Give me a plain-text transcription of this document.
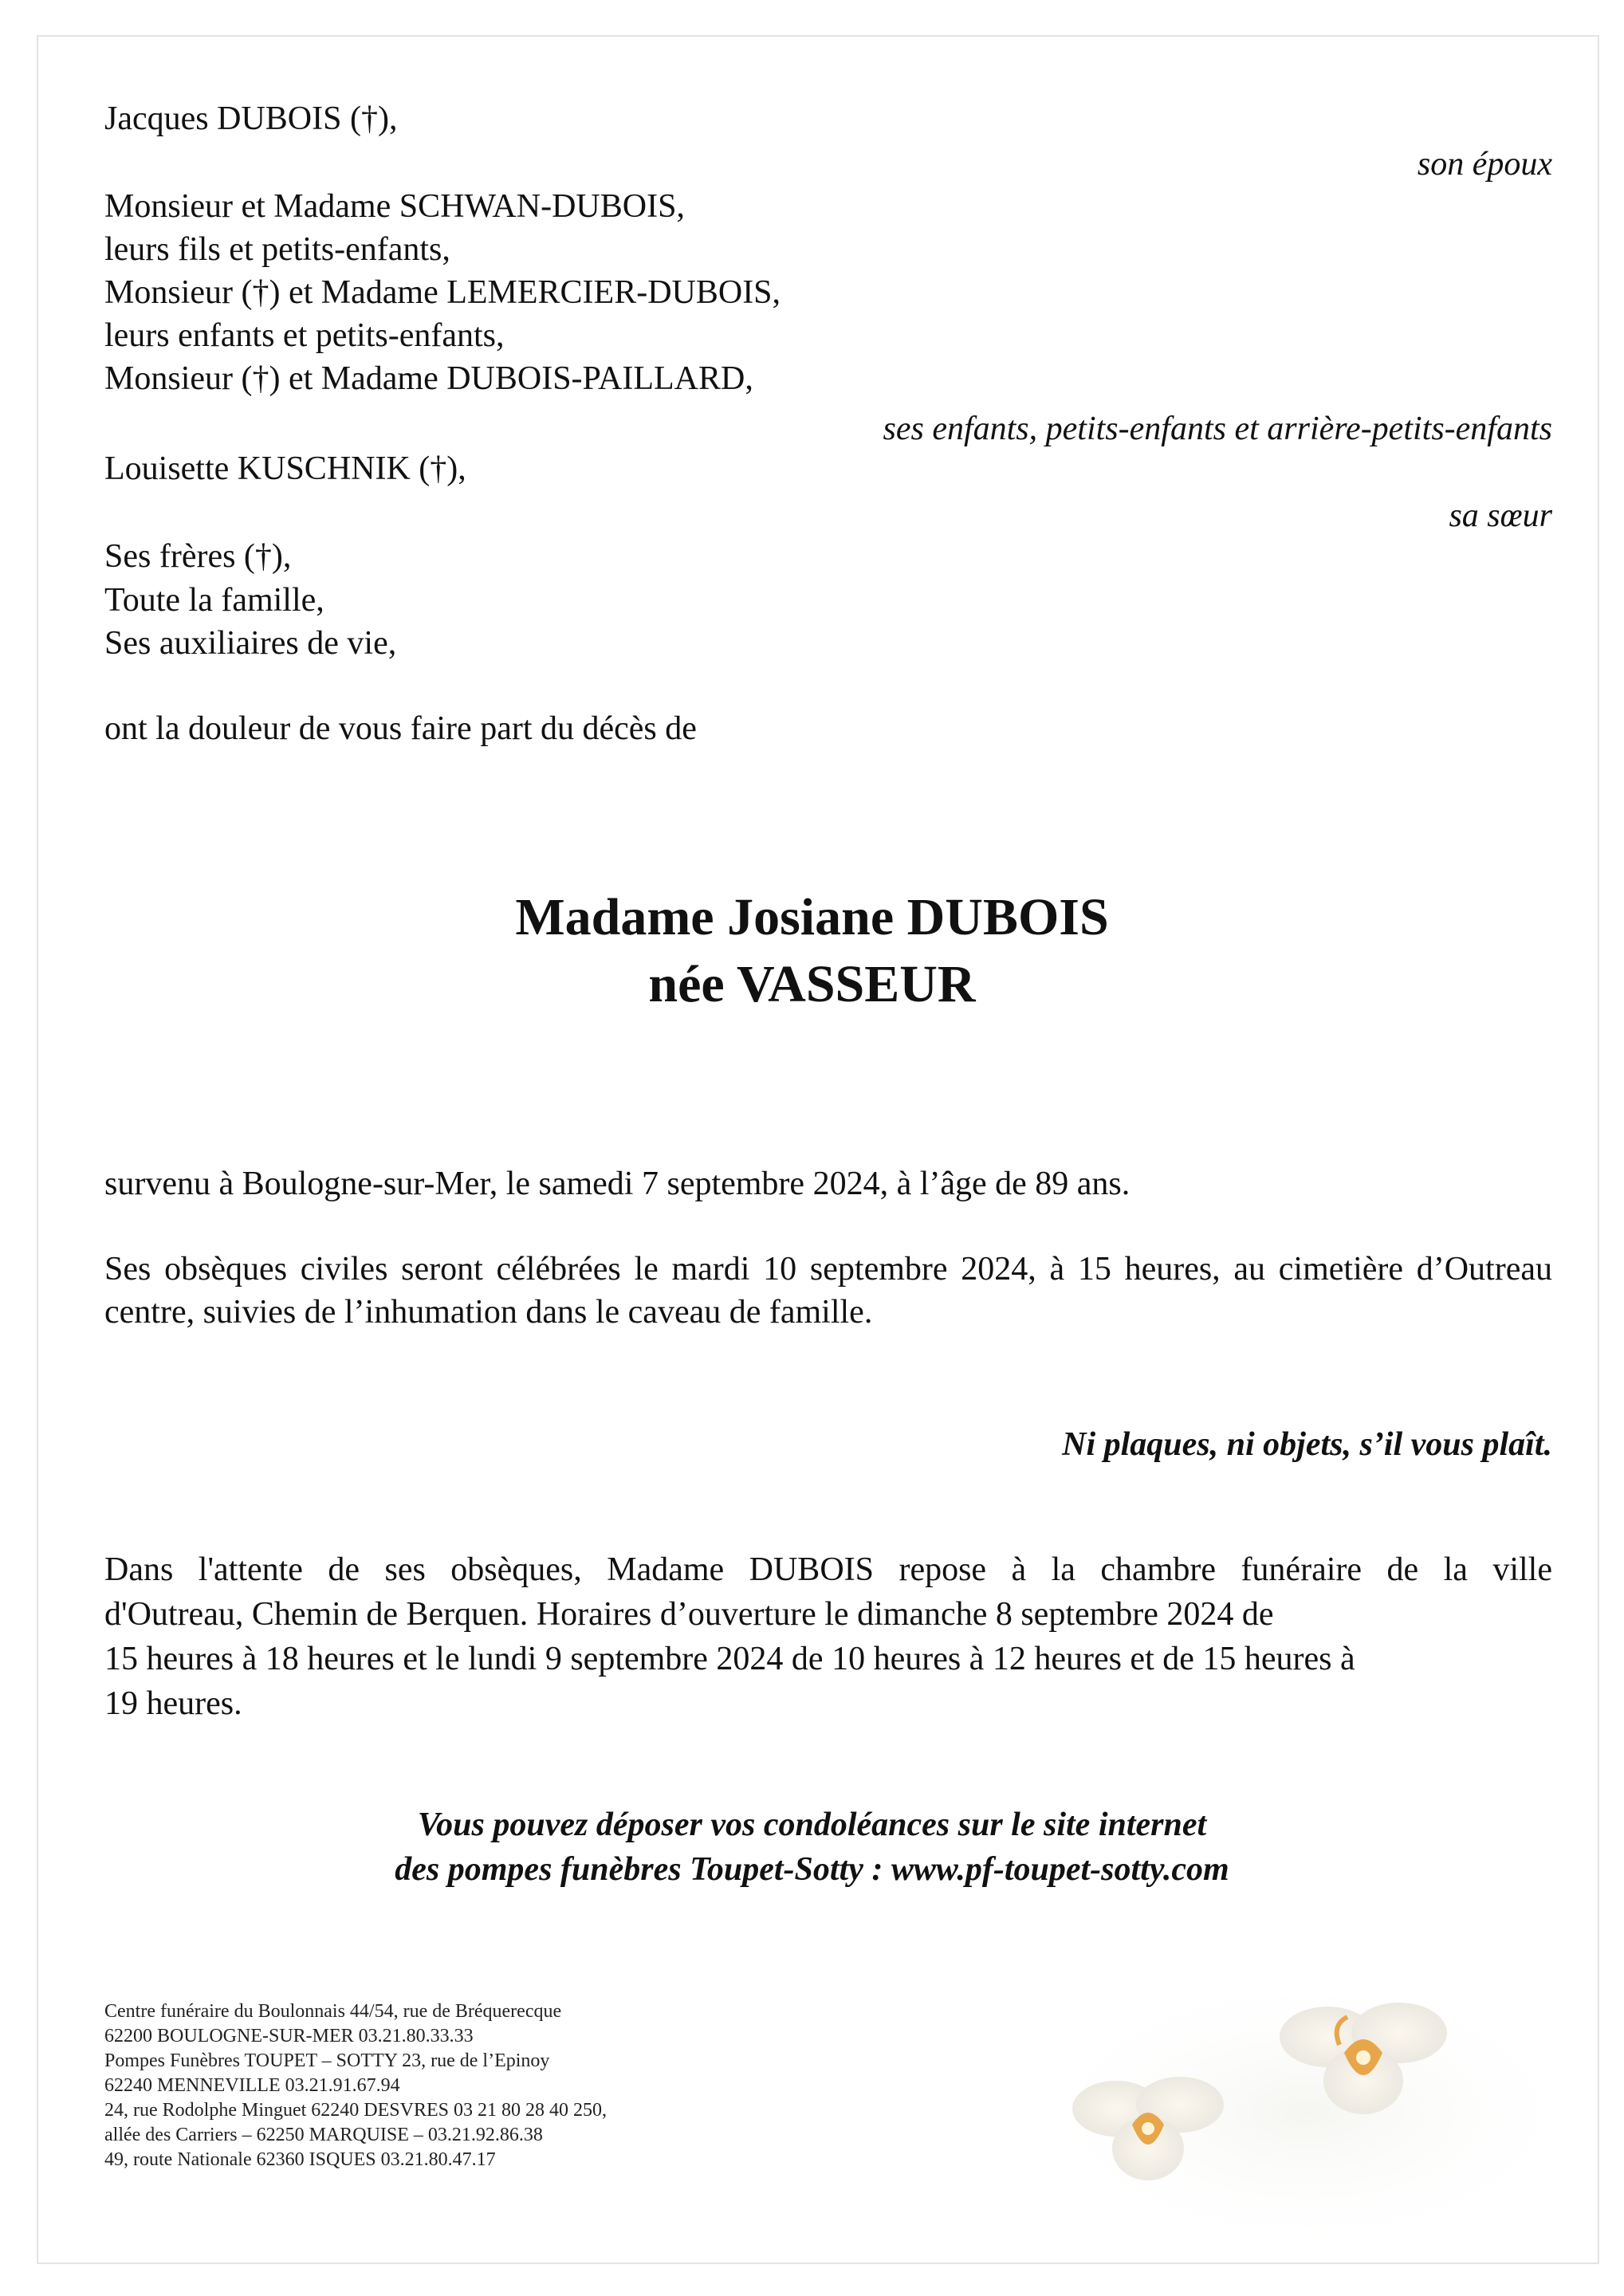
Jacques DUBOIS (†),
son époux
Monsieur et Madame SCHWAN-DUBOIS,
leurs fils et petits-enfants,
Monsieur (†) et Madame LEMERCIER-DUBOIS,
leurs enfants et petits-enfants,
Monsieur (†) et Madame DUBOIS-PAILLARD,
ses enfants, petits-enfants et arrière-petits-enfants
Louisette KUSCHNIK (†),
sa sœur
Ses frères (†),
Toute la famille,
Ses auxiliaires de vie,
ont la douleur de vous faire part du décès de
Madame Josiane DUBOIS
née VASSEUR
survenu à Boulogne-sur-Mer, le samedi 7 septembre 2024, à l’âge de 89 ans.
Ses obsèques civiles seront célébrées le mardi 10 septembre 2024, à 15 heures, au cimetière d’Outreau centre, suivies de l’inhumation dans le caveau de famille.
Ni plaques, ni objets, s’il vous plaît.
Dans l'attente de ses obsèques, Madame DUBOIS repose à la chambre funéraire de la ville
d'Outreau, Chemin de Berquen. Horaires d’ouverture le dimanche 8 septembre 2024 de
15 heures à 18 heures et le lundi 9 septembre 2024 de 10 heures à 12 heures et de 15 heures à
19 heures.
Vous pouvez déposer vos condoléances sur le site internet
des pompes funèbres Toupet-Sotty : www.pf-toupet-sotty.com
Centre funéraire du Boulonnais 44/54, rue de Bréquerecque
62200 BOULOGNE-SUR-MER 03.21.80.33.33
Pompes Funèbres TOUPET – SOTTY 23, rue de l’Epinoy
62240 MENNEVILLE 03.21.91.67.94
24, rue Rodolphe Minguet 62240 DESVRES 03 21 80 28 40 250,
allée des Carriers – 62250 MARQUISE – 03.21.92.86.38
49, route Nationale 62360 ISQUES 03.21.80.47.17
